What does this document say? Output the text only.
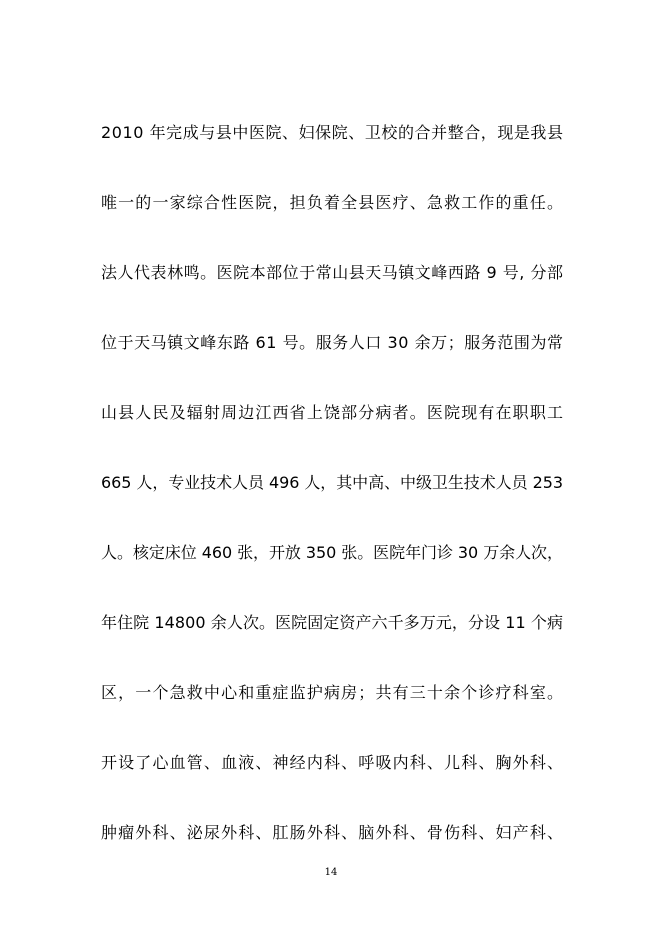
2010 年完成与县中医院、妇保院、卫校的合并整合，现是我县
唯一的一家综合性医院，担负着全县医疗、急救工作的重任。
法人代表林鸣。医院本部位于常山县天马镇文峰西路 9 号, 分部
位于天马镇文峰东路 61 号。服务人口 30 余万；服务范围为常
山县人民及辐射周边江西省上饶部分病者。医院现有在职职工
665 人，专业技术人员 496 人，其中高、中级卫生技术人员 253
人。核定床位 460 张，开放 350 张。医院年门诊 30 万余人次，
年住院 14800 余人次。医院固定资产六千多万元，分设 11 个病
区，一个急救中心和重症监护病房；共有三十余个诊疗科室。
开设了心血管、血液、神经内科、呼吸内科、儿科、胸外科、
肿瘤外科、泌尿外科、肛肠外科、脑外科、骨伤科、妇产科、
14
